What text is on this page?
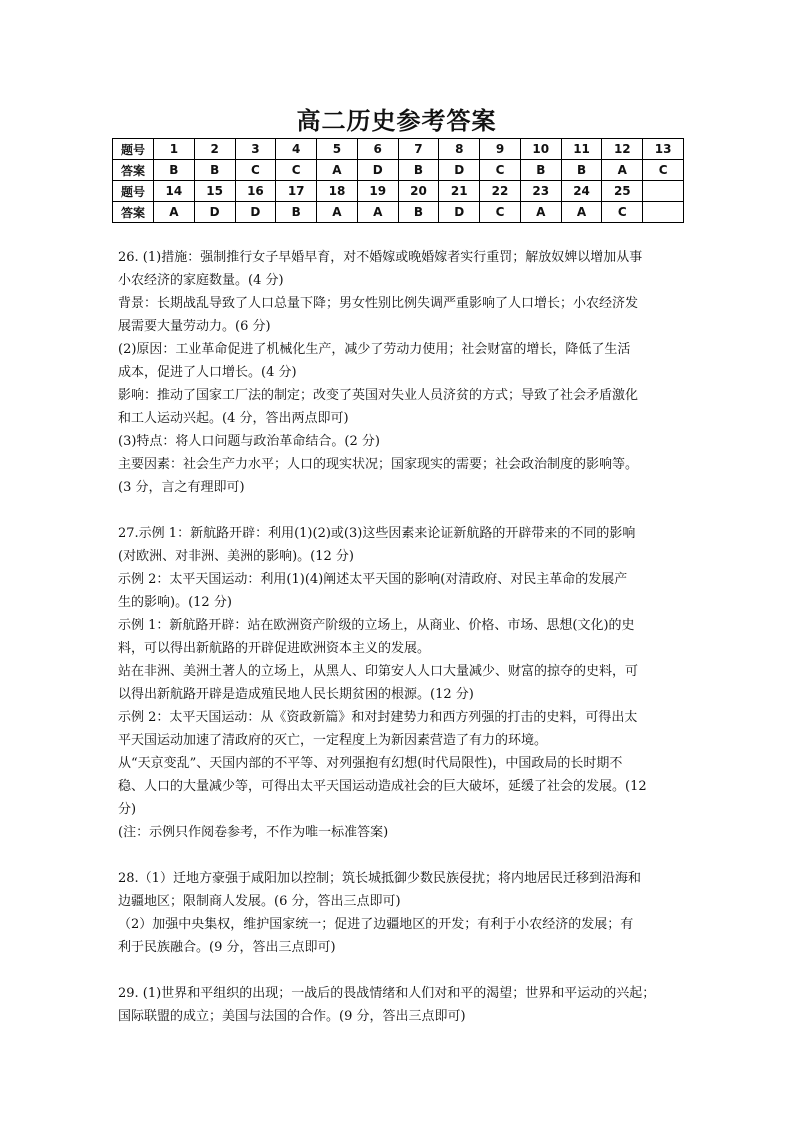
高二历史参考答案
题号	1	2	3	4	5	6	7	8	9	10	11	12	13
答案	B	B	C	C	A	D	B	D	C	B	B	A	C
题号	14	15	16	17	18	19	20	21	22	23	24	25	
答案	A	D	D	B	A	A	B	D	C	A	A	C	

26. (1)措施：强制推行女子早婚早育，对不婚嫁或晚婚嫁者实行重罚；解放奴婢以增加从事

小农经济的家庭数量。(4 分)

背景：长期战乱导致了人口总量下降；男女性别比例失调严重影响了人口增长；小农经济发

展需要大量劳动力。(6 分)

(2)原因：工业革命促进了机械化生产，减少了劳动力使用；社会财富的增长，降低了生活

成本，促进了人口增长。(4 分)

影响：推动了国家工厂法的制定；改变了英国对失业人员济贫的方式；导致了社会矛盾激化

和工人运动兴起。(4 分，答出两点即可)

(3)特点：将人口问题与政治革命结合。(2 分)

主要因素：社会生产力水平；人口的现实状况；国家现实的需要；社会政治制度的影响等。

(3 分，言之有理即可)

27.示例 1：新航路开辟：利用(1)(2)或(3)这些因素来论证新航路的开辟带来的不同的影响

(对欧洲、对非洲、美洲的影响)。(12 分)

示例 2：太平天国运动：利用(1)(4)阐述太平天国的影响(对清政府、对民主革命的发展产

生的影响)。(12 分)

示例 1：新航路开辟：站在欧洲资产阶级的立场上，从商业、价格、市场、思想(文化)的史

料，可以得出新航路的开辟促进欧洲资本主义的发展。

站在非洲、美洲土著人的立场上，从黑人、印第安人人口大量减少、财富的掠夺的史料，可

以得出新航路开辟是造成殖民地人民长期贫困的根源。(12 分)

示例 2：太平天国运动：从《资政新篇》和对封建势力和西方列强的打击的史料，可得出太

平天国运动加速了清政府的灭亡，一定程度上为新因素营造了有力的环境。

从“天京变乱”、天国内部的不平等、对列强抱有幻想(时代局限性)，中国政局的长时期不

稳、人口的大量减少等，可得出太平天国运动造成社会的巨大破坏，延缓了社会的发展。(12

分)

(注：示例只作阅卷参考，不作为唯一标准答案)

28.（1）迁地方豪强于咸阳加以控制；筑长城抵御少数民族侵扰；将内地居民迁移到沿海和

边疆地区；限制商人发展。(6 分，答出三点即可)

（2）加强中央集权，维护国家统一；促进了边疆地区的开发；有利于小农经济的发展；有

利于民族融合。(9 分，答出三点即可)

29. (1)世界和平组织的出现；一战后的畏战情绪和人们对和平的渴望；世界和平运动的兴起；

国际联盟的成立；美国与法国的合作。(9 分，答出三点即可)
